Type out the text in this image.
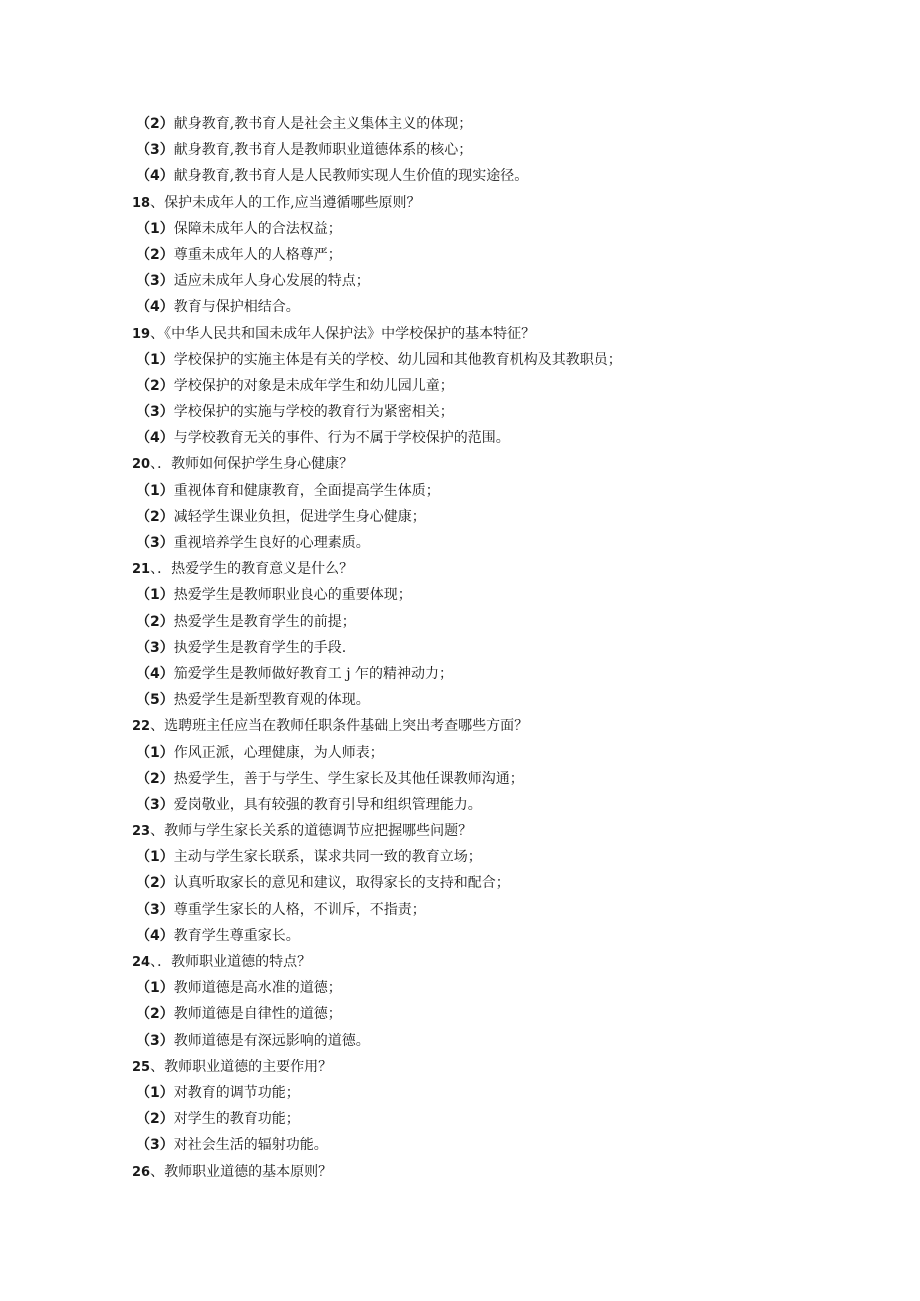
（2）献身教育,教书育人是社会主义集体主义的体现；
（3）献身教育,教书育人是教师职业道德体系的核心；
（4）献身教育,教书育人是人民教师实现人生价值的现实途径。
18、保护未成年人的工作,应当遵循哪些原则？
（1）保障未成年人的合法权益；
（2）尊重未成年人的人格尊严；
（3）适应未成年人身心发展的特点；
（4）教育与保护相结合。
19、《中华人民共和国未成年人保护法》中学校保护的基本特征？
（1）学校保护的实施主体是有关的学校、幼儿园和其他教育机构及其教职员；
（2）学校保护的对象是未成年学生和幼儿园儿童；
（3）学校保护的实施与学校的教育行为紧密相关；
（4）与学校教育无关的事件、行为不属于学校保护的范围。
20、．教师如何保护学生身心健康？
（1）重视体育和健康教育，全面提高学生体质；
（2）减轻学生课业负担，促进学生身心健康；
（3）重视培养学生良好的心理素质。
21、．热爱学生的教育意义是什么？
（1）热爱学生是教师职业良心的重要体现；
（2）热爱学生是教育学生的前提；
（3）执爱学生是教育学生的手段.
（4）笳爱学生是教师做好教育工 j 乍的精神动力；
（5）热爱学生是新型教育观的体现。
22、选聘班主任应当在教师任职条件基础上突出考查哪些方面？
（1）作风正派，心理健康，为人师表；
（2）热爱学生，善于与学生、学生家长及其他任课教师沟通；
（3）爱岗敬业，具有较强的教育引导和组织管理能力。
23、教师与学生家长关系的道德调节应把握哪些问题？
（1）主动与学生家长联系，谋求共同一致的教育立场；
（2）认真听取家长的意见和建议，取得家长的支持和配合；
（3）尊重学生家长的人格，不训斥，不指责；
（4）教育学生尊重家长。
24、．教师职业道德的特点？
（1）教师道德是高水准的道德；
（2）教师道德是自律性的道德；
（3）教师道德是有深远影响的道德。
25、教师职业道德的主要作用？
（1）对教育的调节功能；
（2）对学生的教育功能；
（3）对社会生活的辐射功能。
26、教师职业道德的基本原则？
